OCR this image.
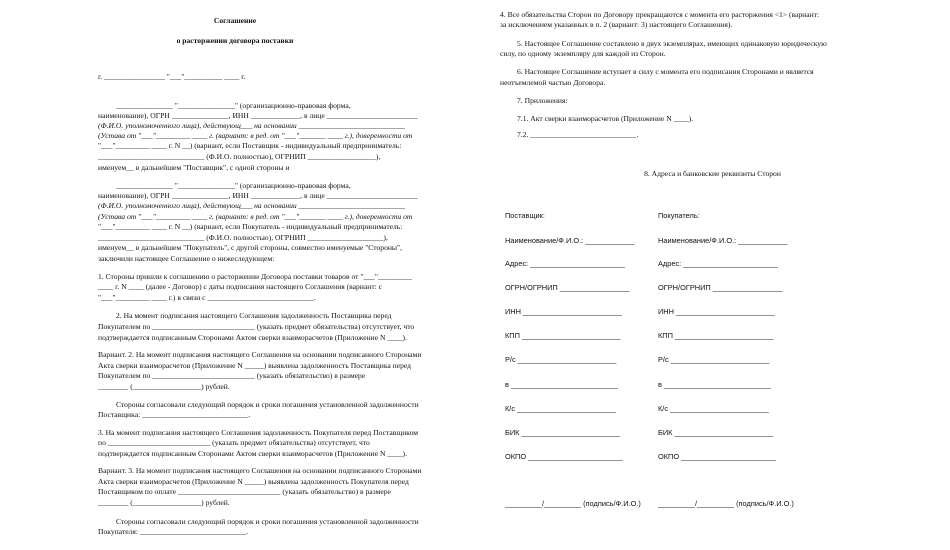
Соглашение
о расторжении договора поставки
г. ________________ "___"__________ ____ г.
_______________ "_______________" (организационно-правовая форма,
наименование), ОГРН _______________, ИНН _____________, в лице ________________________
(Ф.И.О. уполномоченного лица), действующ___ на основании ____________________________
(Устава от "___"_________ ____ г. (вариант: в ред. от "___"_______ ____ г.), доверенности от
"___"_________ ____ г. N __) (вариант, если Поставщик - индивидуальный предприниматель:
____________________________ (Ф.И.О. полностью), ОГРНИП __________________),
именуем__ в дальнейшем "Поставщик", с одной стороны и
_______________ "_______________" (организационно-правовая форма,
наименование), ОГРН _______________, ИНН _____________, в лице ________________________
(Ф.И.О. уполномоченного лица), действующ___ на основании ____________________________
(Устава от "___"_________ ____ г. (вариант: в ред. от "___"_______ ____ г.), доверенности от
"___"_________ ____ г. N __) (вариант, если Покупатель - индивидуальный предприниматель:
____________________________ (Ф.И.О. полностью), ОГРНИП ____________________),
именуем__ в дальнейшем "Покупатель", с другой стороны, совместно именуемые "Стороны",
заключили настоящее Соглашение о нижеследующем:
1. Стороны пришли к соглашению о расторжении Договора поставки товаров от "___"_________
____ г. N ____ (далее - Договор) с даты подписания настоящего Соглашения (вариант: с
"___"_________ ____ г.) в связи с ____________________________.
2. На момент подписания настоящего Соглашения задолженность Поставщика перед
Покупателем по ___________________________ (указать предмет обязательства) отсутствует, что
подтверждается подписанным Сторонами Актом сверки взаиморасчетов (Приложение N ____).
Вариант. 2. На момент подписания настоящего Соглашения на основании подписанного Сторонами
Акта сверки взаиморасчетов (Приложение N _____) выявлена задолженность Поставщика перед
Покупателем по ___________________________ (указать обязательство) в размере
________ (__________________) рублей.
Стороны согласовали следующий порядок и сроки погашения установленной задолженности
Поставщика: ____________________________.
3. На момент подписания настоящего Соглашения задолженность Покупателя перед Поставщиком
по ___________________________ (указать предмет обязательства) отсутствует, что
подтверждается подписанным Сторонами Актом сверки взаиморасчетов (Приложение N ____).
Вариант. 3. На момент подписания настоящего Соглашения на основании подписанного Сторонами
Акта сверки взаиморасчетов (Приложение N _____) выявлена задолженность Покупателя перед
Поставщиком по оплате ___________________________ (указать обязательство) в размере
________ (__________________) рублей.
Стороны согласовали следующий порядок и сроки погашения установленной задолженности
Покупателя: ____________________________.
4. Все обязательства Сторон по Договору прекращаются с момента его расторжения <1> (вариант:
за исключением указанных в п. 2 (вариант: 3) настоящего Соглашения).
5. Настоящее Соглашение составлено в двух экземплярах, имеющих одинаковую юридическую
силу, по одному экземпляру для каждой из Сторон.
6. Настоящее Соглашение вступает в силу с момента его подписания Сторонами и является
неотъемлемой частью Договора.
7. Приложения:
7.1. Акт сверки взаиморасчетов (Приложение N ____).
7.2. ____________________________.
8. Адреса и банковские реквизиты Сторон
Поставщик:
Наименование/Ф.И.О.: ____________
Адрес: _______________________
ОГРН/ОГРНИП _________________
ИНН ________________________
КПП ________________________
Р/с ________________________
в __________________________
К/с ________________________
БИК ________________________
ОКПО _______________________
Покупатель:
Наименование/Ф.И.О.: ____________
Адрес: _______________________
ОГРН/ОГРНИП _________________
ИНН ________________________
КПП ________________________
Р/с ________________________
в __________________________
К/с ________________________
БИК ________________________
ОКПО _______________________
_________/_________ (подпись/Ф.И.О.) _________/_________ (подпись/Ф.И.О.)
